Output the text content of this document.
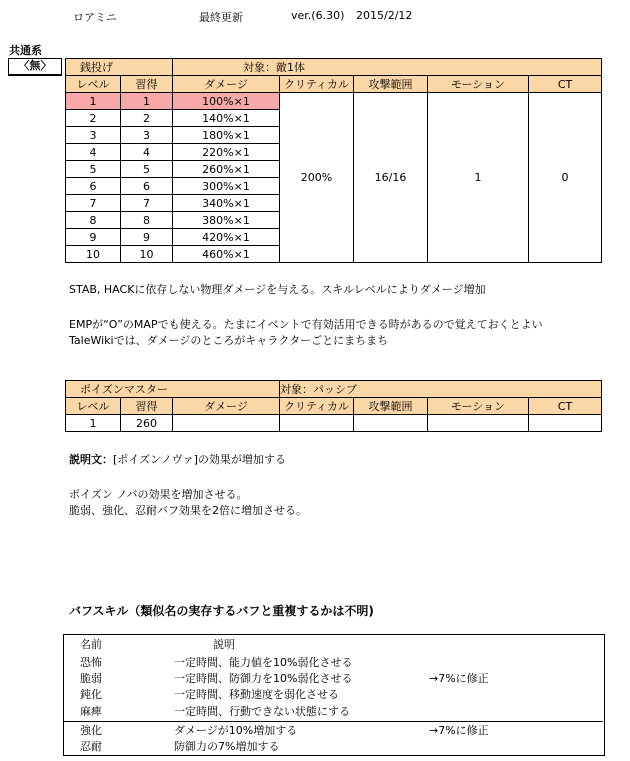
ロアミニ	最終更新	ver.(6.30) 2015/2/12
共通系
〈無〉	銭投げ		対象：敵1体				
レベル	習得	ダメージ	クリティカル	攻撃範囲	モーション	CT
1	1	100%×1	200%	16/16	1	0
2	2	140%×1				
3	3	180%×1				
4	4	220%×1				
5	5	260%×1				
6	6	300%×1				
7	7	340%×1				
8	8	380%×1				
9	9	420%×1				
10	10	460%×1				
STAB, HACKに依存しない物理ダメージを与える。スキルレベルによりダメージ増加
EMPが“O”のMAPでも使える。たまにイベントで有効活用できる時があるので覚えておくとよい
TaleWikiでは、ダメージのところがキャラクターごとにまちまち
ポイズンマスター			対象：パッシブ			
レベル	習得	ダメージ	クリティカル	攻撃範囲	モーション	CT
1	260					
説明文：[ポイズンノヴァ]の効果が増加する
ポイズン ノバの効果を増加させる。
脆弱、強化、忍耐バフ効果を2倍に増加させる。
バフスキル（類似名の実存するバフと重複するかは不明)
名前	説明
恐怖	一定時間、能力値を10%弱化させる
脆弱	一定時間、防御力を10%弱化させる	→7%に修正
鈍化	一定時間、移動速度を弱化させる
麻痺	一定時間、行動できない状態にする
強化	ダメージが10%増加する	→7%に修正
忍耐	防御力の7%増加する
